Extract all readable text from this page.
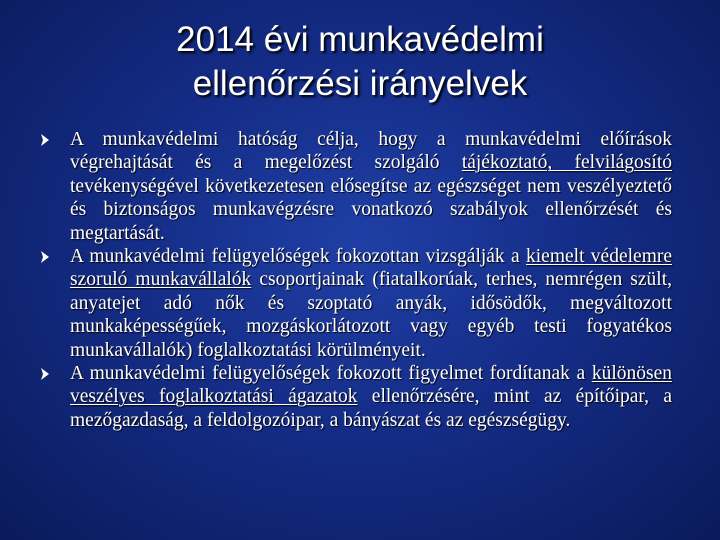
2014 évi munkavédelmi
ellenőrzési irányelvek
A munkavédelmi hatóság célja, hogy a munkavédelmi előírások végrehajtását és a megelőzést szolgáló tájékoztató, felvilágosító tevékenységével következetesen elősegítse az egészséget nem veszélyeztető és biztonságos munkavégzésre vonatkozó szabályok ellenőrzését és megtartását.
A munkavédelmi felügyelőségek fokozottan vizsgálják a kiemelt védelemre szoruló munkavállalók csoportjainak (fiatalkorúak, terhes, nemrégen szült, anyatejet adó nők és szoptató anyák, idősödők, megváltozott munkaképességűek, mozgáskorlátozott vagy egyéb testi fogyatékos munkavállalók) foglalkoztatási körülményeit.
A munkavédelmi felügyelőségek fokozott figyelmet fordítanak a különösen veszélyes foglalkoztatási ágazatok ellenőrzésére, mint az építőipar, a mezőgazdaság, a feldolgozóipar, a bányászat és az egészségügy.
